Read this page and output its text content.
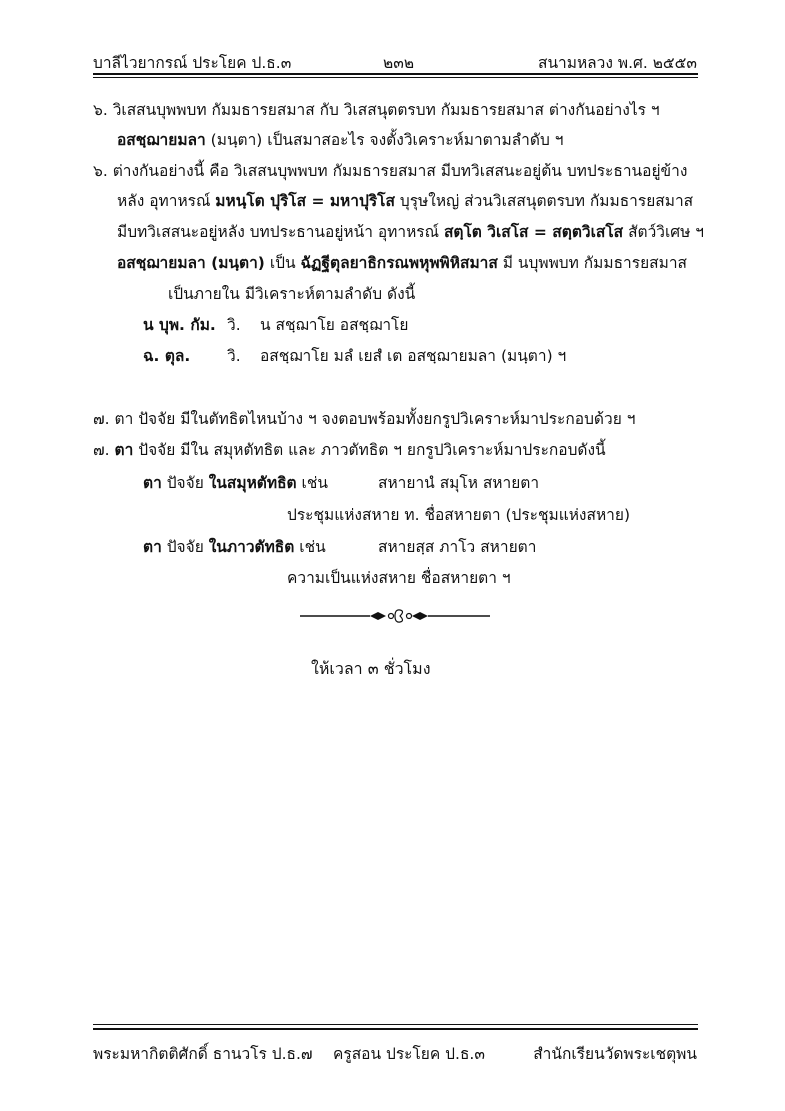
บาลีไวยากรณ์ ประโยค ป.ธ.๓	๒๓๒	สนามหลวง พ.ศ. ๒๕๕๓
๖. วิเสสนบุพพบท กัมมธารยสมาส กับ วิเสสนุตตรบท กัมมธารยสมาส ต่างกันอย่างไร ฯ
อสชฺฌายมลา (มนฺตา) เป็นสมาสอะไร จงตั้งวิเคราะห์มาตามลำดับ ฯ
๖. ต่างกันอย่างนี้ คือ วิเสสนบุพพบท กัมมธารยสมาส มีบทวิเสสนะอยู่ต้น บทประธานอยู่ข้าง
หลัง อุทาหรณ์ มหนฺโต ปุริโส = มหาปุริโส บุรุษใหญ่ ส่วนวิเสสนุตตรบท กัมมธารยสมาส
มีบทวิเสสนะอยู่หลัง บทประธานอยู่หน้า อุทาหรณ์ สตฺโต วิเสโส = สตฺตวิเสโส สัตว์วิเศษ ฯ
อสชฺฌายมลา (มนฺตา) เป็น ฉัฏฐีตุลยาธิกรณพหุพพิหิสมาส มี นบุพพบท กัมมธารยสมาส
เป็นภายใน มีวิเคราะห์ตามลำดับ ดังนี้
น บุพ. กัม. วิ. น สชฺฌาโย อสชฺฌาโย
ฉ. ตุล. วิ. อสชฺฌาโย มลํ เยสํ เต อสชฺฌายมลา (มนฺตา) ฯ
๗. ตา ปัจจัย มีในตัทธิตไหนบ้าง ฯ จงตอบพร้อมทั้งยกรูปวิเคราะห์มาประกอบด้วย ฯ
๗. ตา ปัจจัย มีใน สมุหตัทธิต และ ภาวตัทธิต ฯ ยกรูปวิเคราะห์มาประกอบดังนี้
ตา ปัจจัย ในสมุหตัทธิต เช่น	สหายานํ สมุโห สหายตา
ประชุมแห่งสหาย ท. ชื่อสหายตา (ประชุมแห่งสหาย)
ตา ปัจจัย ในภาวตัทธิต เช่น	สหายสฺส ภาโว สหายตา
ความเป็นแห่งสหาย ชื่อสหายตา ฯ
ให้เวลา ๓ ชั่วโมง
พระมหากิตติศักดิ์ ธานวโร ป.ธ.๗ ครูสอน ประโยค ป.ธ.๓	สำนักเรียนวัดพระเชตุพน
